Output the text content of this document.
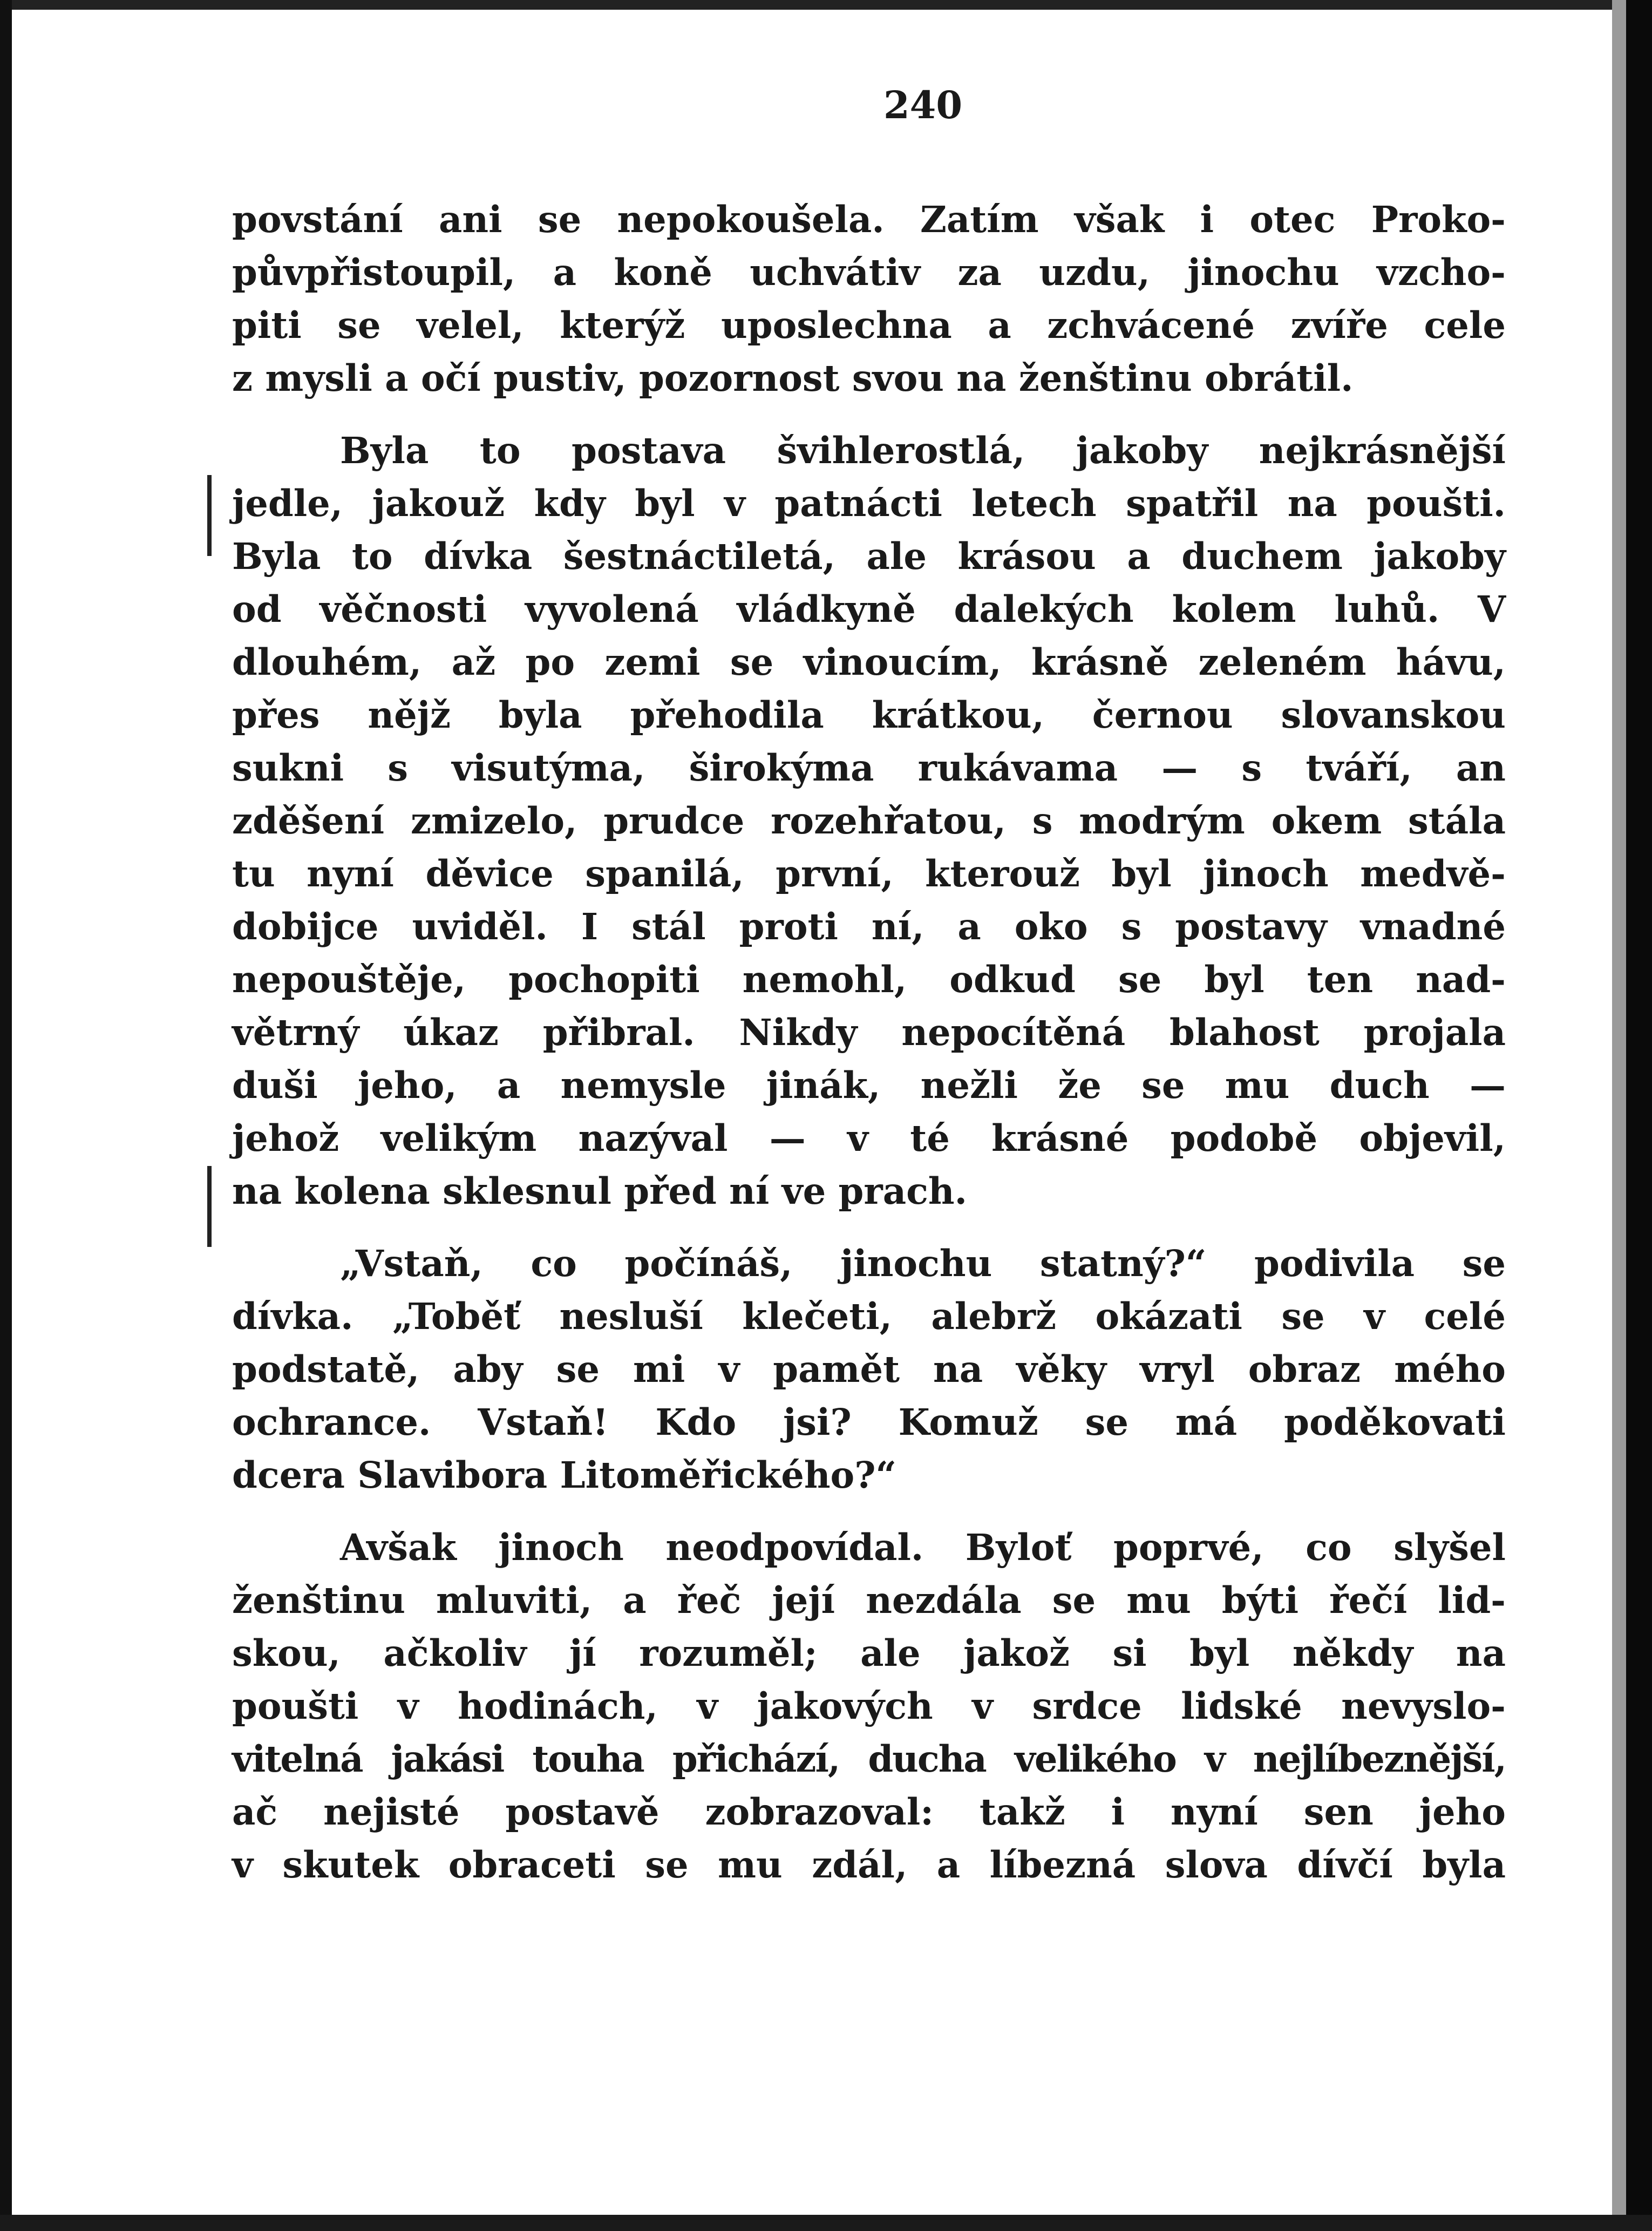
240
povstání ani se nepokoušela. Zatím však i otec Proko-
půvpřistoupil, a koně uchvátiv za uzdu, jinochu vzcho-
piti se velel, kterýž uposlechna a zchvácené zvíře cele
z mysli a očí pustiv, pozornost svou na ženštinu obrátil.
Byla to postava švihlerostlá, jakoby nejkrásnější
jedle, jakouž kdy byl v patnácti letech spatřil na poušti.
Byla to dívka šestnáctiletá, ale krásou a duchem jakoby
od věčnosti vyvolená vládkyně dalekých kolem luhů. V
dlouhém, až po zemi se vinoucím, krásně zeleném hávu,
přes nějž byla přehodila krátkou, černou slovanskou
sukni s visutýma, širokýma rukávama — s tváří, an
zděšení zmizelo, prudce rozehřatou, s modrým okem stála
tu nyní děvice spanilá, první, kterouž byl jinoch medvě-
dobijce uviděl. I stál proti ní, a oko s postavy vnadné
nepouštěje, pochopiti nemohl, odkud se byl ten nad-
větrný úkaz přibral. Nikdy nepocítěná blahost projala
duši jeho, a nemysle jinák, nežli že se mu duch —
jehož velikým nazýval — v té krásné podobě objevil,
na kolena sklesnul před ní ve prach.
„Vstaň, co počínáš, jinochu statný?“ podivila se
dívka. „Toběť nesluší klečeti, alebrž okázati se v celé
podstatě, aby se mi v pamět na věky vryl obraz mého
ochrance. Vstaň! Kdo jsi? Komuž se má poděkovati
dcera Slavibora Litoměřického?“
Avšak jinoch neodpovídal. Byloť poprvé, co slyšel
ženštinu mluviti, a řeč její nezdála se mu býti řečí lid-
skou, ačkoliv jí rozuměl; ale jakož si byl někdy na
poušti v hodinách, v jakových v srdce lidské nevyslo-
vitelná jakási touha přichází, ducha velikého v nejlíbeznější,
ač nejisté postavě zobrazoval: takž i nyní sen jeho
v skutek obraceti se mu zdál, a líbezná slova dívčí byla
